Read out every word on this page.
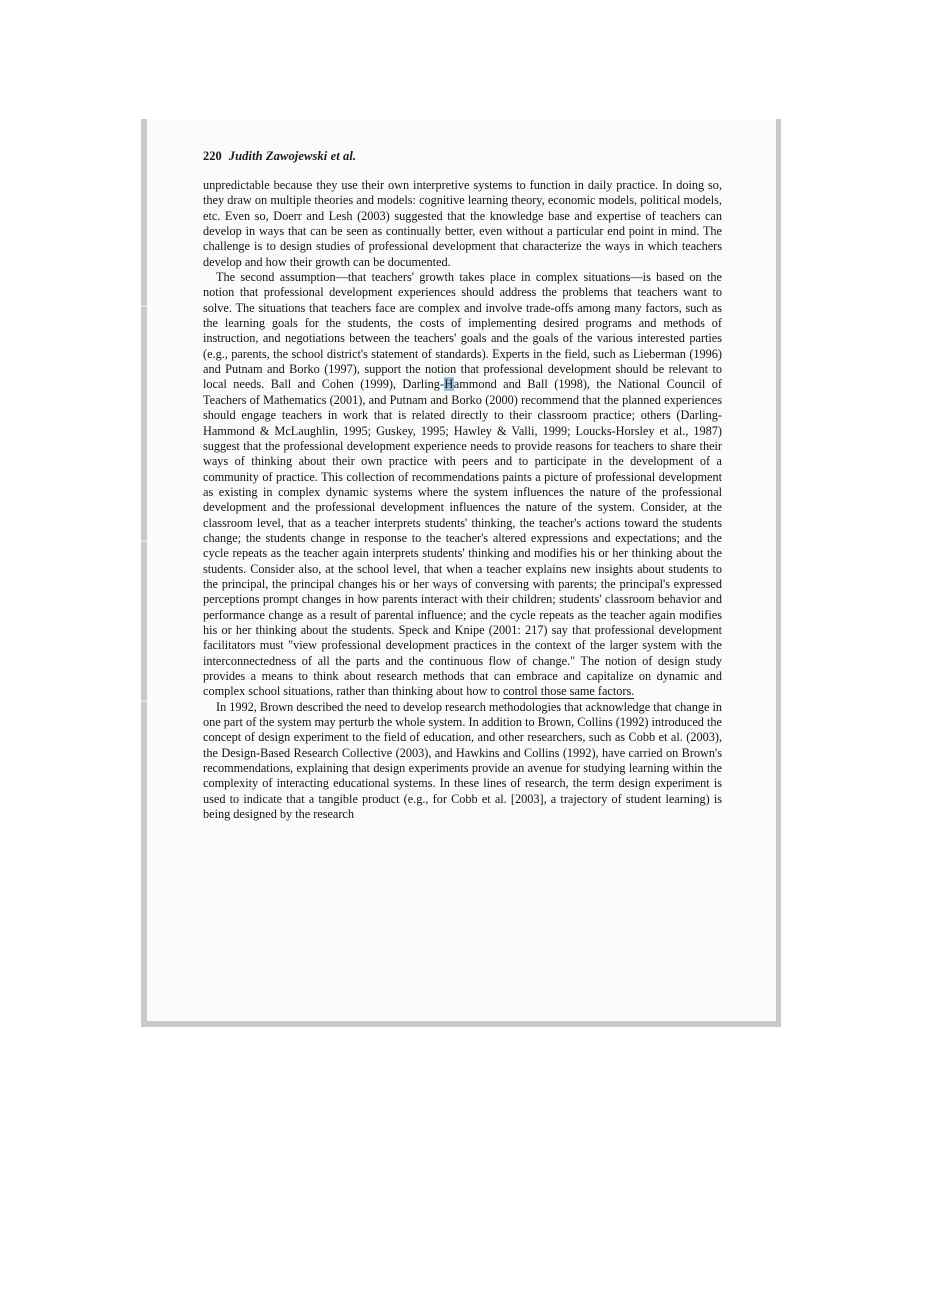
220 Judith Zawojewski et al.

unpredictable because they use their own interpretive systems to function in daily practice. In doing so, they draw on multiple theories and models: cognitive learning theory, economic models, political models, etc. Even so, Doerr and Lesh (2003) suggested that the knowledge base and expertise of teachers can develop in ways that can be seen as continually better, even without a particular end point in mind. The challenge is to design studies of professional development that characterize the ways in which teachers develop and how their growth can be documented.

The second assumption—that teachers' growth takes place in complex situations—is based on the notion that professional development experiences should address the problems that teachers want to solve. The situations that teachers face are complex and involve trade-offs among many factors, such as the learning goals for the students, the costs of implementing desired programs and methods of instruction, and negotiations between the teachers' goals and the goals of the various interested parties (e.g., parents, the school district's statement of standards). Experts in the field, such as Lieberman (1996) and Putnam and Borko (1997), support the notion that professional development should be relevant to local needs. Ball and Cohen (1999), Darling-Hammond and Ball (1998), the National Council of Teachers of Mathematics (2001), and Putnam and Borko (2000) recommend that the planned experiences should engage teachers in work that is related directly to their classroom practice; others (Darling-Hammond & McLaughlin, 1995; Guskey, 1995; Hawley & Valli, 1999; Loucks-Horsley et al., 1987) suggest that the professional development experience needs to provide reasons for teachers to share their ways of thinking about their own practice with peers and to participate in the development of a community of practice. This collection of recommendations paints a picture of professional development as existing in complex dynamic systems where the system influences the nature of the professional development and the professional development influences the nature of the system. Consider, at the classroom level, that as a teacher interprets students' thinking, the teacher's actions toward the students change; the students change in response to the teacher's altered expressions and expectations; and the cycle repeats as the teacher again interprets students' thinking and modifies his or her thinking about the students. Consider also, at the school level, that when a teacher explains new insights about students to the principal, the principal changes his or her ways of conversing with parents; the principal's expressed perceptions prompt changes in how parents interact with their children; students' classroom behavior and performance change as a result of parental influence; and the cycle repeats as the teacher again modifies his or her thinking about the students. Speck and Knipe (2001: 217) say that professional development facilitators must "view professional development practices in the context of the larger system with the interconnectedness of all the parts and the continuous flow of change." The notion of design study provides a means to think about research methods that can embrace and capitalize on dynamic and complex school situations, rather than thinking about how to control those same factors.

In 1992, Brown described the need to develop research methodologies that acknowledge that change in one part of the system may perturb the whole system. In addition to Brown, Collins (1992) introduced the concept of design experiment to the field of education, and other researchers, such as Cobb et al. (2003), the Design-Based Research Collective (2003), and Hawkins and Collins (1992), have carried on Brown's recommendations, explaining that design experiments provide an avenue for studying learning within the complexity of interacting educational systems. In these lines of research, the term design experiment is used to indicate that a tangible product (e.g., for Cobb et al. [2003], a trajectory of student learning) is being designed by the research
